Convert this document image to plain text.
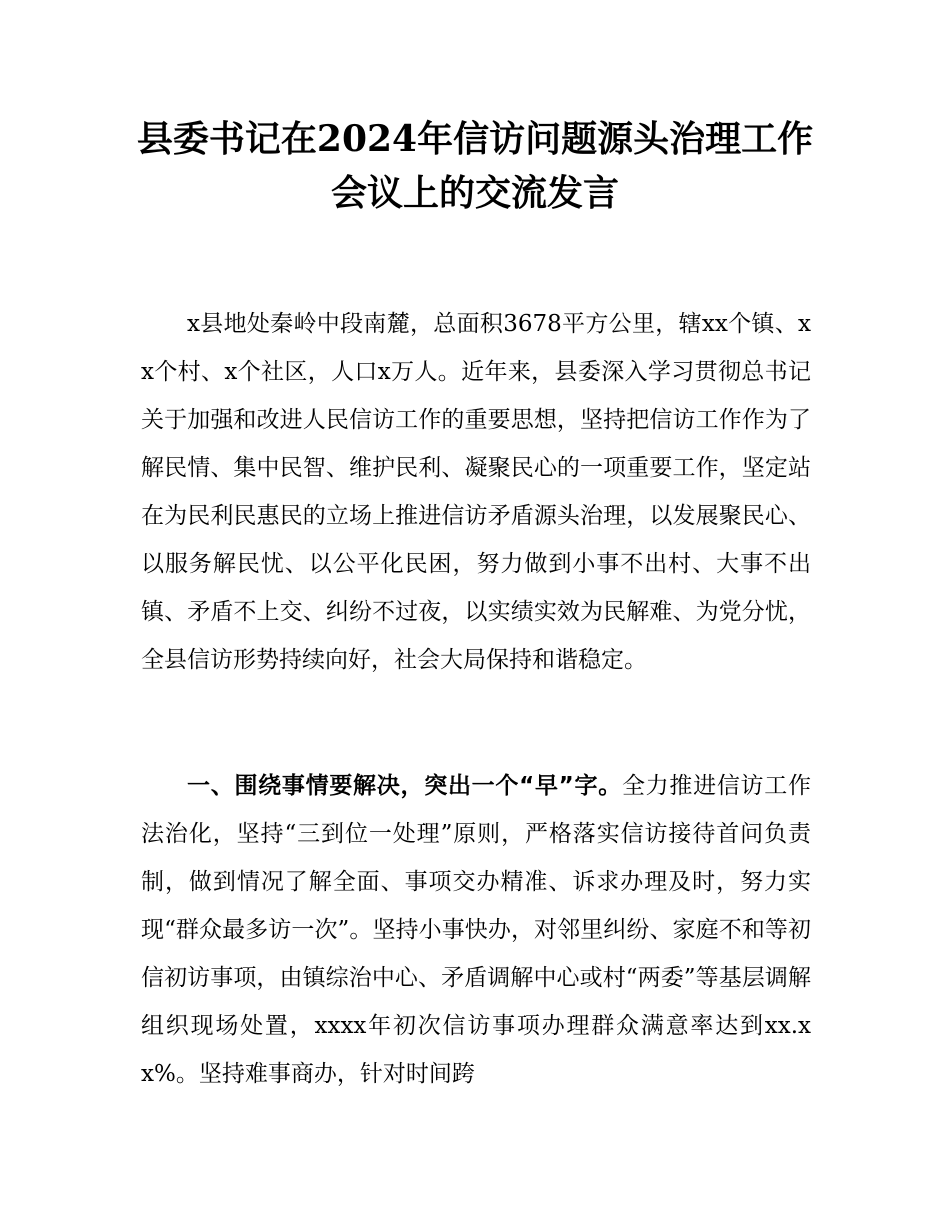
县委书记在2024年信访问题源头治理工作会议上的交流发言

x县地处秦岭中段南麓，总面积3678平方公里，辖xx个镇、xx个村、x个社区，人口x万人。近年来，县委深入学习贯彻总书记关于加强和改进人民信访工作的重要思想，坚持把信访工作作为了解民情、集中民智、维护民利、凝聚民心的一项重要工作，坚定站在为民利民惠民的立场上推进信访矛盾源头治理，以发展聚民心、以服务解民忧、以公平化民困，努力做到小事不出村、大事不出镇、矛盾不上交、纠纷不过夜，以实绩实效为民解难、为党分忧，全县信访形势持续向好，社会大局保持和谐稳定。

一、围绕事情要解决，突出一个“早”字。全力推进信访工作法治化，坚持“三到位一处理”原则，严格落实信访接待首问负责制，做到情况了解全面、事项交办精准、诉求办理及时，努力实现“群众最多访一次”。坚持小事快办，对邻里纠纷、家庭不和等初信初访事项，由镇综治中心、矛盾调解中心或村“两委”等基层调解组织现场处置，xxxx年初次信访事项办理群众满意率达到xx.xx%。坚持难事商办，针对时间跨
